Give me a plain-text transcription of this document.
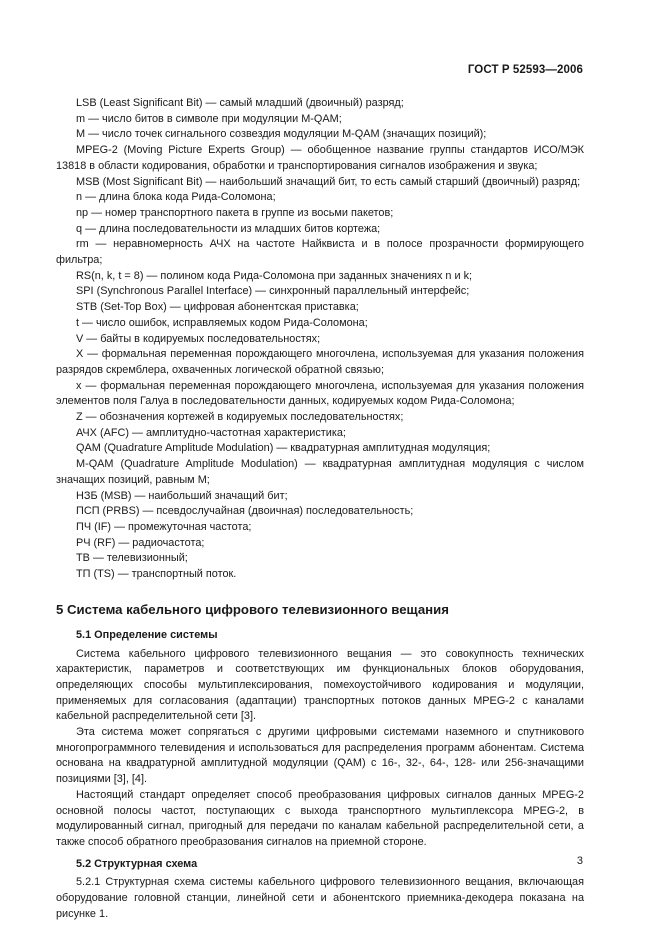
ГОСТ Р 52593—2006

LSB (Least Significant Bit) — самый младший (двоичный) разряд;

m — число битов в символе при модуляции М-QAM;

M — число точек сигнального созвездия модуляции М-QAM (значащих позиций);

MPEG-2 (Moving Picture Experts Group) — обобщенное название группы стандартов ИСО/МЭК 13818 в области кодирования, обработки и транспортирования сигналов изображения и звука;

MSB (Most Significant Bit) — наибольший значащий бит, то есть самый старший (двоичный) разряд;

n — длина блока кода Рида-Соломона;

np — номер транспортного пакета в группе из восьми пакетов;

q — длина последовательности из младших битов кортежа;

rm — неравномерность АЧХ на частоте Найквиста и в полосе прозрачности формирующего фильтра;

RS(n, k, t = 8) — полином кода Рида-Соломона при заданных значениях n и k;

SPI (Synchronous Parallel Interface) — синхронный параллельный интерфейс;

STB (Set-Top Box) — цифровая абонентская приставка;

t — число ошибок, исправляемых кодом Рида-Соломона;

V — байты в кодируемых последовательностях;

X — формальная переменная порождающего многочлена, используемая для указания положения разрядов скремблера, охваченных логической обратной связью;

x — формальная переменная порождающего многочлена, используемая для указания положения элементов поля Галуа в последовательности данных, кодируемых кодом Рида-Соломона;

Z — обозначения кортежей в кодируемых последовательностях;

АЧХ (AFC) — амплитудно-частотная характеристика;

QAM (Quadrature Amplitude Modulation) — квадратурная амплитудная модуляция;

M-QAM (Quadrature Amplitude Modulation) — квадратурная амплитудная модуляция с числом значащих позиций, равным M;

НЗБ (MSB) — наибольший значащий бит;

ПСП (PRBS) — псевдослучайная (двоичная) последовательность;

ПЧ (IF) — промежуточная частота;

РЧ (RF) — радиочастота;

ТВ — телевизионный;

ТП (TS) — транспортный поток.

5 Система кабельного цифрового телевизионного вещания
5.1 Определение системы

Система кабельного цифрового телевизионного вещания — это совокупность технических характеристик, параметров и соответствующих им функциональных блоков оборудования, определяющих способы мультиплексирования, помехоустойчивого кодирования и модуляции, применяемых для согласования (адаптации) транспортных потоков данных MPEG-2 с каналами кабельной распределительной сети [3].

Эта система может сопрягаться с другими цифровыми системами наземного и спутникового многопрограммного телевидения и использоваться для распределения программ абонентам. Система основана на квадратурной амплитудной модуляции (QAM) с 16-, 32-, 64-, 128- или 256-значащими позициями [3], [4].

Настоящий стандарт определяет способ преобразования цифровых сигналов данных MPEG-2 основной полосы частот, поступающих с выхода транспортного мультиплексора MPEG-2, в модулированный сигнал, пригодный для передачи по каналам кабельной распределительной сети, а также способ обратного преобразования сигналов на приемной стороне.

5.2 Структурная схема

5.2.1 Структурная схема системы кабельного цифрового телевизионного вещания, включающая оборудование головной станции, линейной сети и абонентского приемника-декодера показана на рисунке 1.

3
